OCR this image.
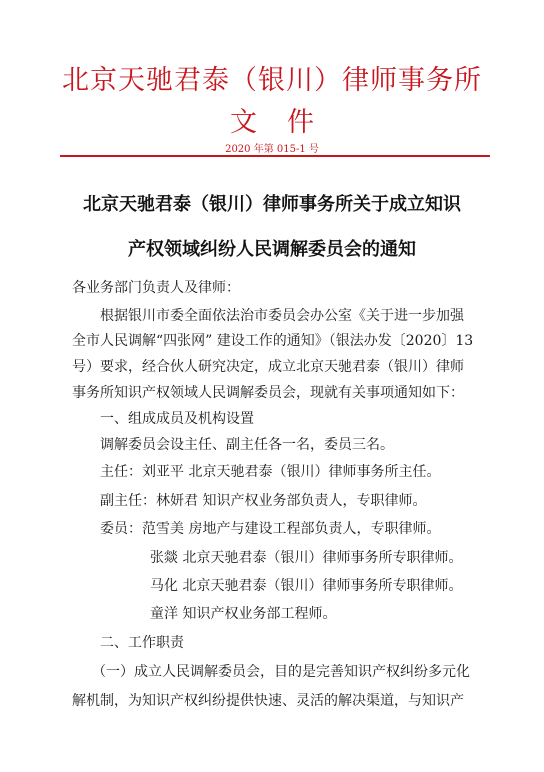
北京天驰君泰（银川）律师事务所
文件
2020 年第 015-1 号
北京天驰君泰（银川）律师事务所关于成立知识
产权领域纠纷人民调解委员会的通知
各业务部门负责人及律师：
根据银川市委全面依法治市委员会办公室《关于进一步加强
全市人民调解“四张网” 建设工作的通知》（银法办发〔2020〕13
号）要求，经合伙人研究决定，成立北京天驰君泰（银川）律师
事务所知识产权领域人民调解委员会，现就有关事项通知如下：
一、组成成员及机构设置
调解委员会设主任、副主任各一名，委员三名。
主任：刘亚平 北京天驰君泰（银川）律师事务所主任。
副主任：林妍君 知识产权业务部负责人，专职律师。
委员：范雪美 房地产与建设工程部负责人，专职律师。
张燚 北京天驰君泰（银川）律师事务所专职律师。
马化 北京天驰君泰（银川）律师事务所专职律师。
童洋 知识产权业务部工程师。
二、工作职责
（一）成立人民调解委员会，目的是完善知识产权纠纷多元化
解机制，为知识产权纠纷提供快速、灵活的解决渠道，与知识产
